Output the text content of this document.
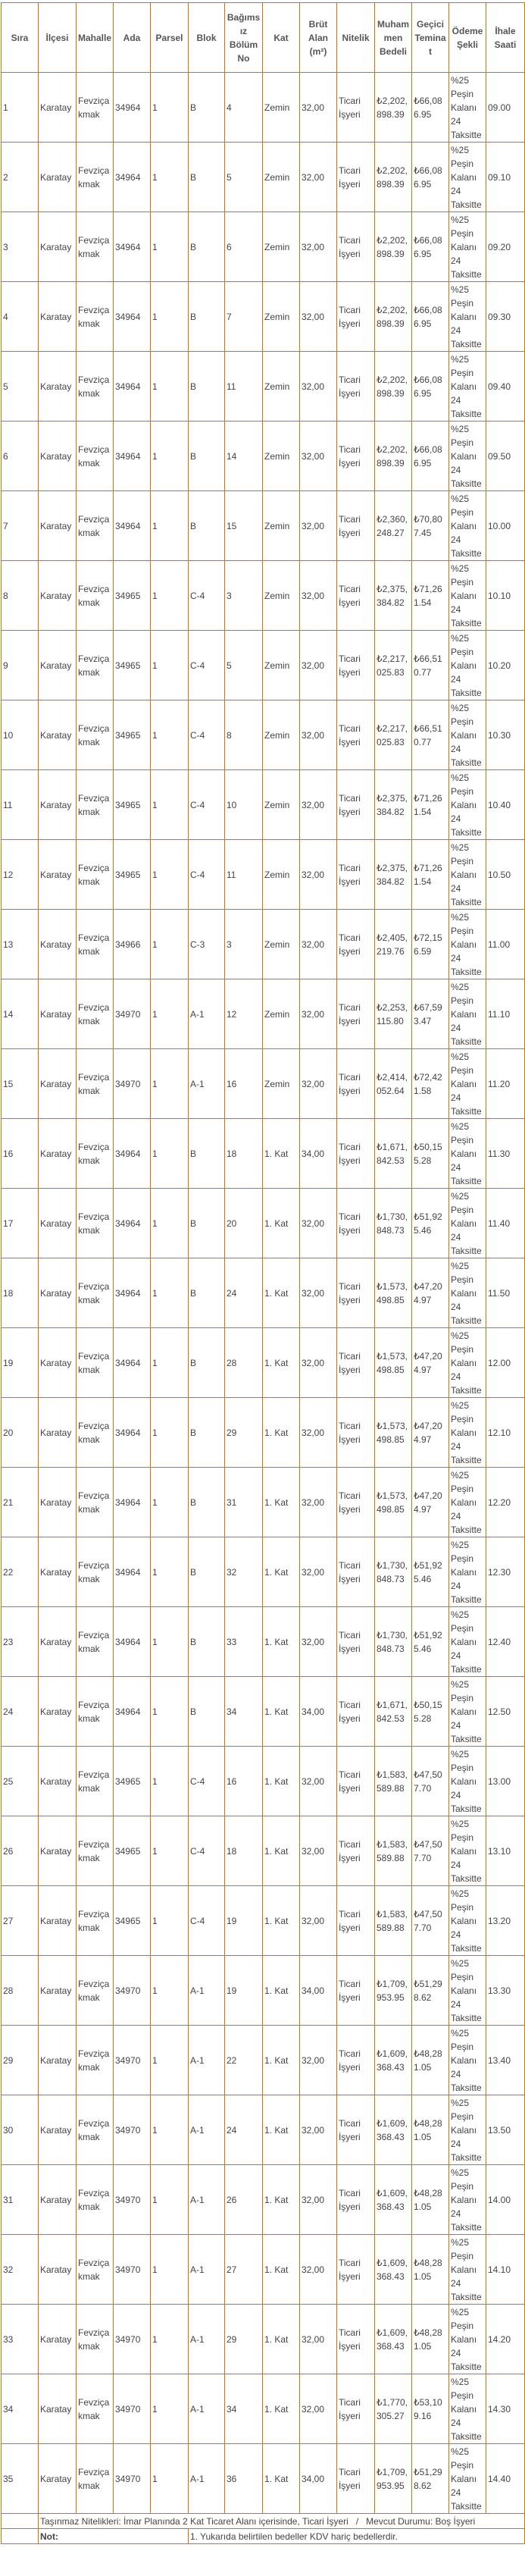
Sıra	İlçesi	Mahalle	Ada	Parsel	Blok	Bağımsız Bölüm No	Kat	Brüt Alan (m²)	Nitelik	Muhammen Bedeli	Geçici Teminat	Ödeme Şekli	İhale Saati
1	Karatay	Fevziçakmak	34964	1	B	4	Zemin	32,00	Ticari İşyeri	₺2,202,898.39	₺66,086.95	%25 Peşin Kalanı 24 Taksitte	09.00
2	Karatay	Fevziçakmak	34964	1	B	5	Zemin	32,00	Ticari İşyeri	₺2,202,898.39	₺66,086.95	%25 Peşin Kalanı 24 Taksitte	09.10
3	Karatay	Fevziçakmak	34964	1	B	6	Zemin	32,00	Ticari İşyeri	₺2,202,898.39	₺66,086.95	%25 Peşin Kalanı 24 Taksitte	09.20
4	Karatay	Fevziçakmak	34964	1	B	7	Zemin	32,00	Ticari İşyeri	₺2,202,898.39	₺66,086.95	%25 Peşin Kalanı 24 Taksitte	09.30
5	Karatay	Fevziçakmak	34964	1	B	11	Zemin	32,00	Ticari İşyeri	₺2,202,898.39	₺66,086.95	%25 Peşin Kalanı 24 Taksitte	09.40
6	Karatay	Fevziçakmak	34964	1	B	14	Zemin	32,00	Ticari İşyeri	₺2,202,898.39	₺66,086.95	%25 Peşin Kalanı 24 Taksitte	09.50
7	Karatay	Fevziçakmak	34964	1	B	15	Zemin	32,00	Ticari İşyeri	₺2,360,248.27	₺70,807.45	%25 Peşin Kalanı 24 Taksitte	10.00
8	Karatay	Fevziçakmak	34965	1	C-4	3	Zemin	32,00	Ticari İşyeri	₺2,375,384.82	₺71,261.54	%25 Peşin Kalanı 24 Taksitte	10.10
9	Karatay	Fevziçakmak	34965	1	C-4	5	Zemin	32,00	Ticari İşyeri	₺2,217,025.83	₺66,510.77	%25 Peşin Kalanı 24 Taksitte	10.20
10	Karatay	Fevziçakmak	34965	1	C-4	8	Zemin	32,00	Ticari İşyeri	₺2,217,025.83	₺66,510.77	%25 Peşin Kalanı 24 Taksitte	10.30
11	Karatay	Fevziçakmak	34965	1	C-4	10	Zemin	32,00	Ticari İşyeri	₺2,375,384.82	₺71,261.54	%25 Peşin Kalanı 24 Taksitte	10.40
12	Karatay	Fevziçakmak	34965	1	C-4	11	Zemin	32,00	Ticari İşyeri	₺2,375,384.82	₺71,261.54	%25 Peşin Kalanı 24 Taksitte	10.50
13	Karatay	Fevziçakmak	34966	1	C-3	3	Zemin	32,00	Ticari İşyeri	₺2,405,219.76	₺72,156.59	%25 Peşin Kalanı 24 Taksitte	11.00
14	Karatay	Fevziçakmak	34970	1	A-1	12	Zemin	32,00	Ticari İşyeri	₺2,253,115.80	₺67,593.47	%25 Peşin Kalanı 24 Taksitte	11.10
15	Karatay	Fevziçakmak	34970	1	A-1	16	Zemin	32,00	Ticari İşyeri	₺2,414,052.64	₺72,421.58	%25 Peşin Kalanı 24 Taksitte	11.20
16	Karatay	Fevziçakmak	34964	1	B	18	1. Kat	34,00	Ticari İşyeri	₺1,671,842.53	₺50,155.28	%25 Peşin Kalanı 24 Taksitte	11.30
17	Karatay	Fevziçakmak	34964	1	B	20	1. Kat	32,00	Ticari İşyeri	₺1,730,848.73	₺51,925.46	%25 Peşin Kalanı 24 Taksitte	11.40
18	Karatay	Fevziçakmak	34964	1	B	24	1. Kat	32,00	Ticari İşyeri	₺1,573,498.85	₺47,204.97	%25 Peşin Kalanı 24 Taksitte	11.50
19	Karatay	Fevziçakmak	34964	1	B	28	1. Kat	32,00	Ticari İşyeri	₺1,573,498.85	₺47,204.97	%25 Peşin Kalanı 24 Taksitte	12.00
20	Karatay	Fevziçakmak	34964	1	B	29	1. Kat	32,00	Ticari İşyeri	₺1,573,498.85	₺47,204.97	%25 Peşin Kalanı 24 Taksitte	12.10
21	Karatay	Fevziçakmak	34964	1	B	31	1. Kat	32,00	Ticari İşyeri	₺1,573,498.85	₺47,204.97	%25 Peşin Kalanı 24 Taksitte	12.20
22	Karatay	Fevziçakmak	34964	1	B	32	1. Kat	32,00	Ticari İşyeri	₺1,730,848.73	₺51,925.46	%25 Peşin Kalanı 24 Taksitte	12.30
23	Karatay	Fevziçakmak	34964	1	B	33	1. Kat	32,00	Ticari İşyeri	₺1,730,848.73	₺51,925.46	%25 Peşin Kalanı 24 Taksitte	12.40
24	Karatay	Fevziçakmak	34964	1	B	34	1. Kat	34,00	Ticari İşyeri	₺1,671,842.53	₺50,155.28	%25 Peşin Kalanı 24 Taksitte	12.50
25	Karatay	Fevziçakmak	34965	1	C-4	16	1. Kat	32,00	Ticari İşyeri	₺1,583,589.88	₺47,507.70	%25 Peşin Kalanı 24 Taksitte	13.00
26	Karatay	Fevziçakmak	34965	1	C-4	18	1. Kat	32,00	Ticari İşyeri	₺1,583,589.88	₺47,507.70	%25 Peşin Kalanı 24 Taksitte	13.10
27	Karatay	Fevziçakmak	34965	1	C-4	19	1. Kat	32,00	Ticari İşyeri	₺1,583,589.88	₺47,507.70	%25 Peşin Kalanı 24 Taksitte	13.20
28	Karatay	Fevziçakmak	34970	1	A-1	19	1. Kat	34,00	Ticari İşyeri	₺1,709,953.95	₺51,298.62	%25 Peşin Kalanı 24 Taksitte	13.30
29	Karatay	Fevziçakmak	34970	1	A-1	22	1. Kat	32,00	Ticari İşyeri	₺1,609,368.43	₺48,281.05	%25 Peşin Kalanı 24 Taksitte	13.40
30	Karatay	Fevziçakmak	34970	1	A-1	24	1. Kat	32,00	Ticari İşyeri	₺1,609,368.43	₺48,281.05	%25 Peşin Kalanı 24 Taksitte	13.50
31	Karatay	Fevziçakmak	34970	1	A-1	26	1. Kat	32,00	Ticari İşyeri	₺1,609,368.43	₺48,281.05	%25 Peşin Kalanı 24 Taksitte	14.00
32	Karatay	Fevziçakmak	34970	1	A-1	27	1. Kat	32,00	Ticari İşyeri	₺1,609,368.43	₺48,281.05	%25 Peşin Kalanı 24 Taksitte	14.10
33	Karatay	Fevziçakmak	34970	1	A-1	29	1. Kat	32,00	Ticari İşyeri	₺1,609,368.43	₺48,281.05	%25 Peşin Kalanı 24 Taksitte	14.20
34	Karatay	Fevziçakmak	34970	1	A-1	34	1. Kat	32,00	Ticari İşyeri	₺1,770,305.27	₺53,109.16	%25 Peşin Kalanı 24 Taksitte	14.30
35	Karatay	Fevziçakmak	34970	1	A-1	36	1. Kat	34,00	Ticari İşyeri	₺1,709,953.95	₺51,298.62	%25 Peşin Kalanı 24 Taksitte	14.40
	Taşınmaz Nitelikleri: İmar Planında 2 Kat Ticaret Alanı içerisinde, Ticari İşyeri   /   Mevcut Durumu: Boş İşyeri												
	Not:				1. Yukarıda belirtilen bedeller KDV hariç bedellerdir.								
